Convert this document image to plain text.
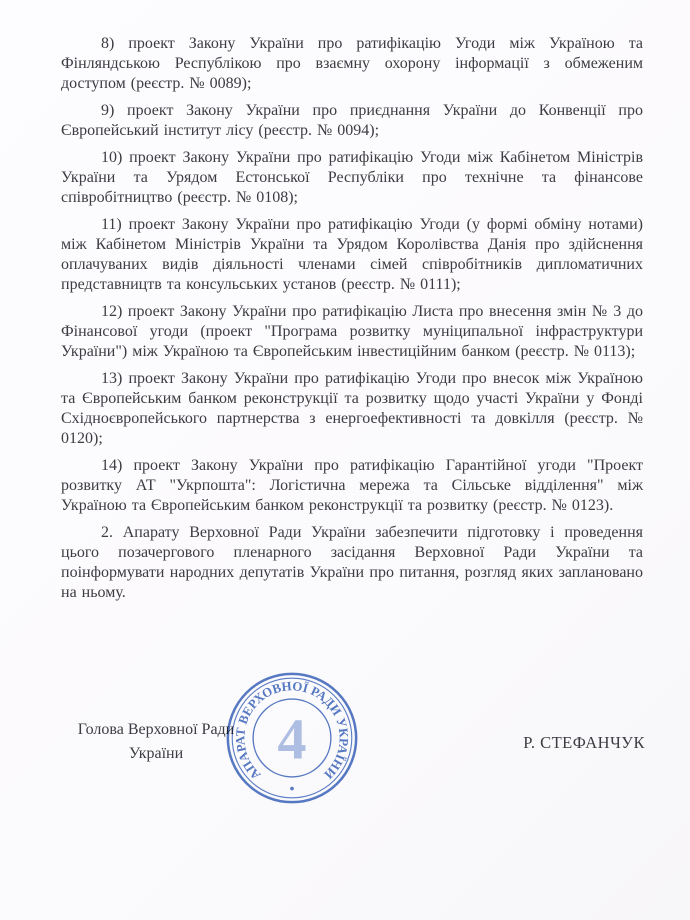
8) проект Закону України про ратифікацію Угоди між Україною та Фінляндською Республікою про взаємну охорону інформації з обмеженим доступом (реєстр. № 0089);

9) проект Закону України про приєднання України до Конвенції про Європейський інститут лісу (реєстр. № 0094);

10) проект Закону України про ратифікацію Угоди між Кабінетом Міністрів України та Урядом Естонської Республіки про технічне та фінансове співробітництво (реєстр. № 0108);

11) проект Закону України про ратифікацію Угоди (у формі обміну нотами) між Кабінетом Міністрів України та Урядом Королівства Данія про здійснення оплачуваних видів діяльності членами сімей співробітників дипломатичних представництв та консульських установ (реєстр. № 0111);

12) проект Закону України про ратифікацію Листа про внесення змін № 3 до Фінансової угоди (проект "Програма розвитку муніципальної інфраструктури України") між Україною та Європейським інвестиційним банком (реєстр. № 0113);

13) проект Закону України про ратифікацію Угоди про внесок між Україною та Європейським банком реконструкції та розвитку щодо участі України у Фонді Східноєвропейського партнерства з енергоефективності та довкілля (реєстр. № 0120);

14) проект Закону України про ратифікацію Гарантійної угоди "Проект розвитку АТ "Укрпошта": Логістична мережа та Сільське відділення" між Україною та Європейським банком реконструкції та розвитку (реєстр. № 0123).

2. Апарату Верховної Ради України забезпечити підготовку і проведення цього позачергового пленарного засідання Верховної Ради України та поінформувати народних депутатів України про питання, розгляд яких заплановано на ньому.

Голова Верховної Ради
України
Р. СТЕФАНЧУК
АПАРАТ ВЕРХОВНОЇ РАДИ УКРАЇНИ
4
